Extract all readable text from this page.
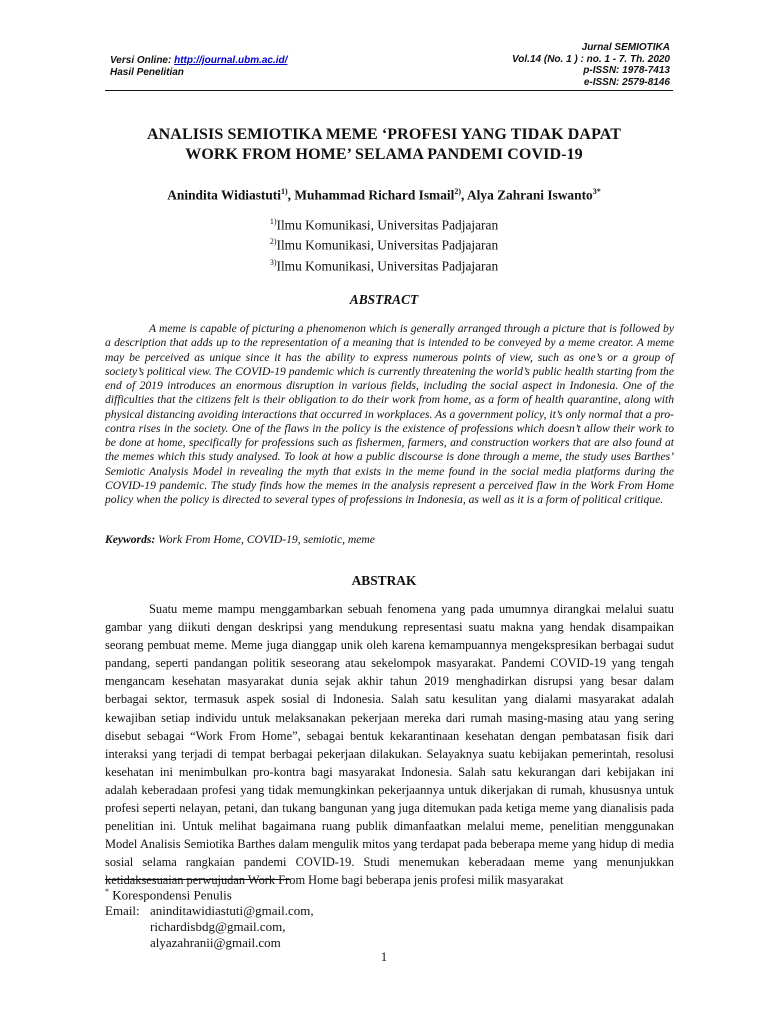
Versi Online: http://journal.ubm.ac.id/
Hasil Penelitian
Jurnal SEMIOTIKA
Vol.14 (No. 1 ) : no. 1 - 7. Th. 2020
p-ISSN: 1978-7413
e-ISSN: 2579-8146
ANALISIS SEMIOTIKA MEME ‘PROFESI YANG TIDAK DAPAT
WORK FROM HOME’ SELAMA PANDEMI COVID-19
Anindita Widiastuti$^{1)}$, Muhammad Richard Ismail$^{2)}$, Alya Zahrani Iswanto$^{3*}$
$^{1)}$Ilmu Komunikasi, Universitas Padjajaran
$^{2)}$Ilmu Komunikasi, Universitas Padjajaran
$^{3)}$Ilmu Komunikasi, Universitas Padjajaran
ABSTRACT

A meme is capable of picturing a phenomenon which is generally arranged through a picture that is followed by a description that adds up to the representation of a meaning that is intended to be conveyed by a meme creator. A meme may be perceived as unique since it has the ability to express numerous points of view, such as one’s or a group of society’s political view. The COVID-19 pandemic which is currently threatening the world’s public health starting from the end of 2019 introduces an enormous disruption in various fields, including the social aspect in Indonesia. One of the difficulties that the citizens felt is their obligation to do their work from home, as a form of health quarantine, along with physical distancing avoiding interactions that occurred in workplaces. As a government policy, it’s only normal that a pro-contra rises in the society. One of the flaws in the policy is the existence of professions which doesn’t allow their work to be done at home, specifically for professions such as fishermen, farmers, and construction workers that are also found at the memes which this study analysed. To look at how a public discourse is done through a meme, the study uses Barthes’ Semiotic Analysis Model in revealing the myth that exists in the meme found in the social media platforms during the COVID-19 pandemic. The study finds how the memes in the analysis represent a perceived flaw in the Work From Home policy when the policy is directed to several types of professions in Indonesia, as well as it is a form of political critique.

Keywords: Work From Home, COVID-19, semiotic, meme

ABSTRAK

Suatu meme mampu menggambarkan sebuah fenomena yang pada umumnya dirangkai melalui suatu gambar yang diikuti dengan deskripsi yang mendukung representasi suatu makna yang hendak disampaikan seorang pembuat meme. Meme juga dianggap unik oleh karena kemampuannya mengekspresikan berbagai sudut pandang, seperti pandangan politik seseorang atau sekelompok masyarakat. Pandemi COVID-19 yang tengah mengancam kesehatan masyarakat dunia sejak akhir tahun 2019 menghadirkan disrupsi yang besar dalam berbagai sektor, termasuk aspek sosial di Indonesia. Salah satu kesulitan yang dialami masyarakat adalah kewajiban setiap individu untuk melaksanakan pekerjaan mereka dari rumah masing-masing atau yang sering disebut sebagai “Work From Home”, sebagai bentuk kekarantinaan kesehatan dengan pembatasan fisik dari interaksi yang terjadi di tempat berbagai pekerjaan dilakukan. Selayaknya suatu kebijakan pemerintah, resolusi kesehatan ini menimbulkan pro-kontra bagi masyarakat Indonesia. Salah satu kekurangan dari kebijakan ini adalah keberadaan profesi yang tidak memungkinkan pekerjaannya untuk dikerjakan di rumah, khususnya untuk profesi seperti nelayan, petani, dan tukang bangunan yang juga ditemukan pada ketiga meme yang dianalisis pada penelitian ini. Untuk melihat bagaimana ruang publik dimanfaatkan melalui meme, penelitian menggunakan Model Analisis Semiotika Barthes dalam mengulik mitos yang terdapat pada beberapa meme yang hidup di media sosial selama rangkaian pandemi COVID-19. Studi menemukan keberadaan meme yang menunjukkan ketidaksesuaian perwujudan Work From Home bagi beberapa jenis profesi milik masyarakat

* Korespondensi Penulis
Email: aninditawidiastuti@gmail.com,
richardisbdg@gmail.com,
alyazahranii@gmail.com
1
